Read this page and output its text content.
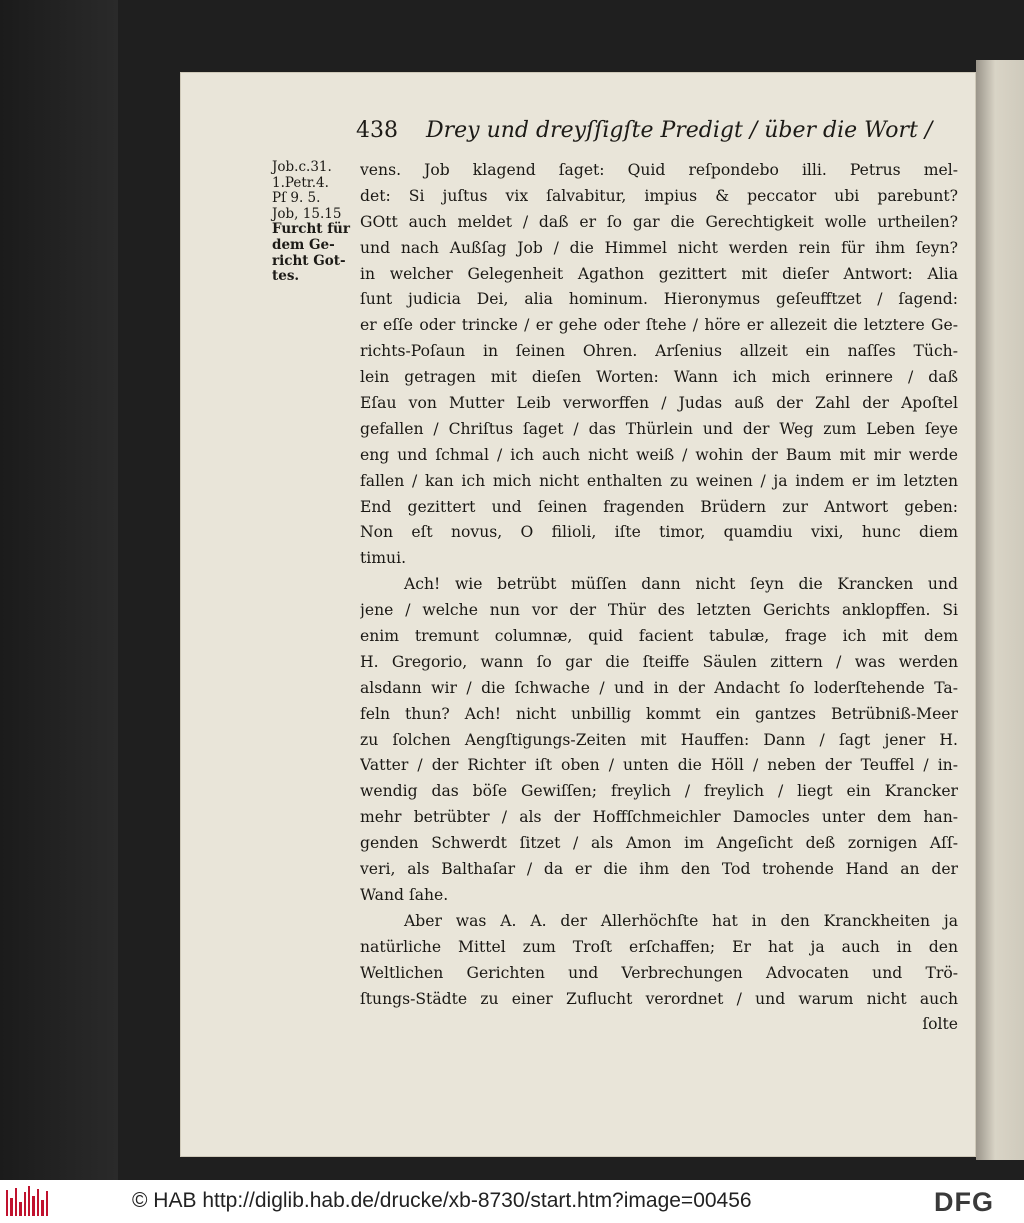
438 Drey und dreyſſigſte Predigt / über die Wort /
Job.c.31.
1.Petr.4.
Pſ 9. 5.
Job, 15.15
Furcht für
dem Ge-
richt Got-
tes.
vens. Job klagend ſaget: Quid reſpondebo illi. Petrus mel-
det: Si juſtus vix ſalvabitur, impius & peccator ubi parebunt?
GOtt auch meldet / daß er ſo gar die Gerechtigkeit wolle urtheilen?
und nach Außſag Job / die Himmel nicht werden rein für ihm ſeyn?
in welcher Gelegenheit Agathon gezittert mit dieſer Antwort: Alia
ſunt judicia Dei, alia hominum. Hieronymus geſeufftzet / ſagend:
er eſſe oder trincke / er gehe oder ſtehe / höre er allezeit die letztere Ge-
richts-Poſaun in ſeinen Ohren. Arſenius allzeit ein naſſes Tüch-
lein getragen mit dieſen Worten: Wann ich mich erinnere / daß
Eſau von Mutter Leib verworffen / Judas auß der Zahl der Apoſtel
gefallen / Chriſtus ſaget / das Thürlein und der Weg zum Leben ſeye
eng und ſchmal / ich auch nicht weiß / wohin der Baum mit mir werde
fallen / kan ich mich nicht enthalten zu weinen / ja indem er im letzten
End gezittert und ſeinen fragenden Brüdern zur Antwort geben:
Non eſt novus, O filioli, iſte timor, quamdiu vixi, hunc diem
timui.
Ach! wie betrübt müſſen dann nicht ſeyn die Krancken und
jene / welche nun vor der Thür des letzten Gerichts anklopffen. Si
enim tremunt columnæ, quid facient tabulæ, frage ich mit dem
H. Gregorio, wann ſo gar die ſteiffe Säulen zittern / was werden
alsdann wir / die ſchwache / und in der Andacht ſo loderſtehende Ta-
feln thun? Ach! nicht unbillig kommt ein gantzes Betrübniß-Meer
zu ſolchen Aengſtigungs-Zeiten mit Hauffen: Dann / ſagt jener H.
Vatter / der Richter iſt oben / unten die Höll / neben der Teuffel / in-
wendig das böſe Gewiſſen; freylich / freylich / liegt ein Krancker
mehr betrübter / als der Hoffſchmeichler Damocles unter dem han-
genden Schwerdt ſitzet / als Amon im Angeſicht deß zornigen Aſſ-
veri, als Balthaſar / da er die ihm den Tod trohende Hand an der
Wand ſahe.
Aber was A. A. der Allerhöchſte hat in den Kranckheiten ja
natürliche Mittel zum Troſt erſchaffen; Er hat ja auch in den
Weltlichen Gerichten und Verbrechungen Advocaten und Trö-
ſtungs-Städte zu einer Zuflucht verordnet / und warum nicht auch
ſolte
© HAB http://diglib.hab.de/drucke/xb-8730/start.htm?image=00456	DFG
